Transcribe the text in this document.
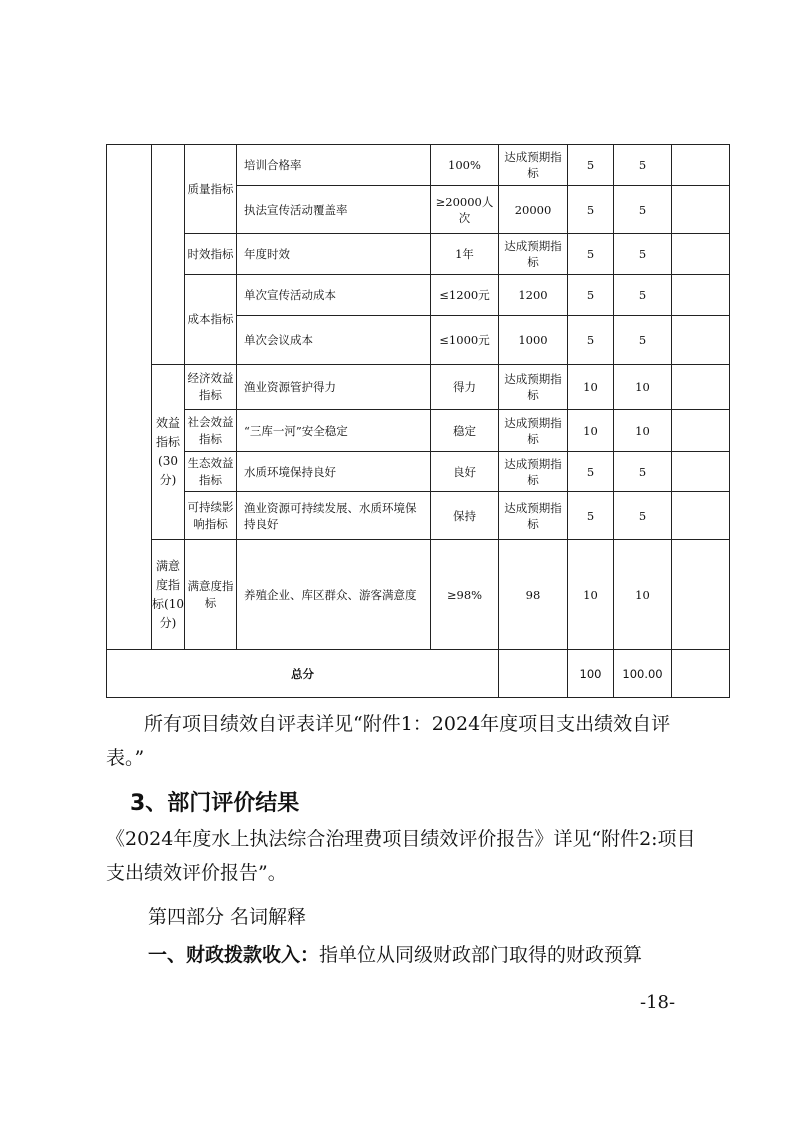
		质量指标	培训合格率	100%	达成预期指标	5	5	
			执法宣传活动覆盖率	≥20000人次	20000	5	5	
		时效指标	年度时效	1年	达成预期指标	5	5	
		成本指标	单次宣传活动成本	≤1200元	1200	5	5	
			单次会议成本	≤1000元	1000	5	5	
	效益指标(30分)	经济效益指标	渔业资源管护得力	得力	达成预期指标	10	10	
		社会效益指标	“三库一河”安全稳定	稳定	达成预期指标	10	10	
		生态效益指标	水质环境保持良好	良好	达成预期指标	5	5	
		可持续影响指标	渔业资源可持续发展、水质环境保持良好	保持	达成预期指标	5	5	
	满意度指标(10分)	满意度指标	养殖企业、库区群众、游客满意度	≥98%	98	10	10	
总分						100	100.00	

所有项目绩效自评表详见“附件1：2024年度项目支出绩效自评表。”

3、部门评价结果

《2024年度水上执法综合治理费项目绩效评价报告》详见“附件2:项目支出绩效评价报告”。

第四部分 名词解释

一、财政拨款收入：指单位从同级财政部门取得的财政预算

-18-
